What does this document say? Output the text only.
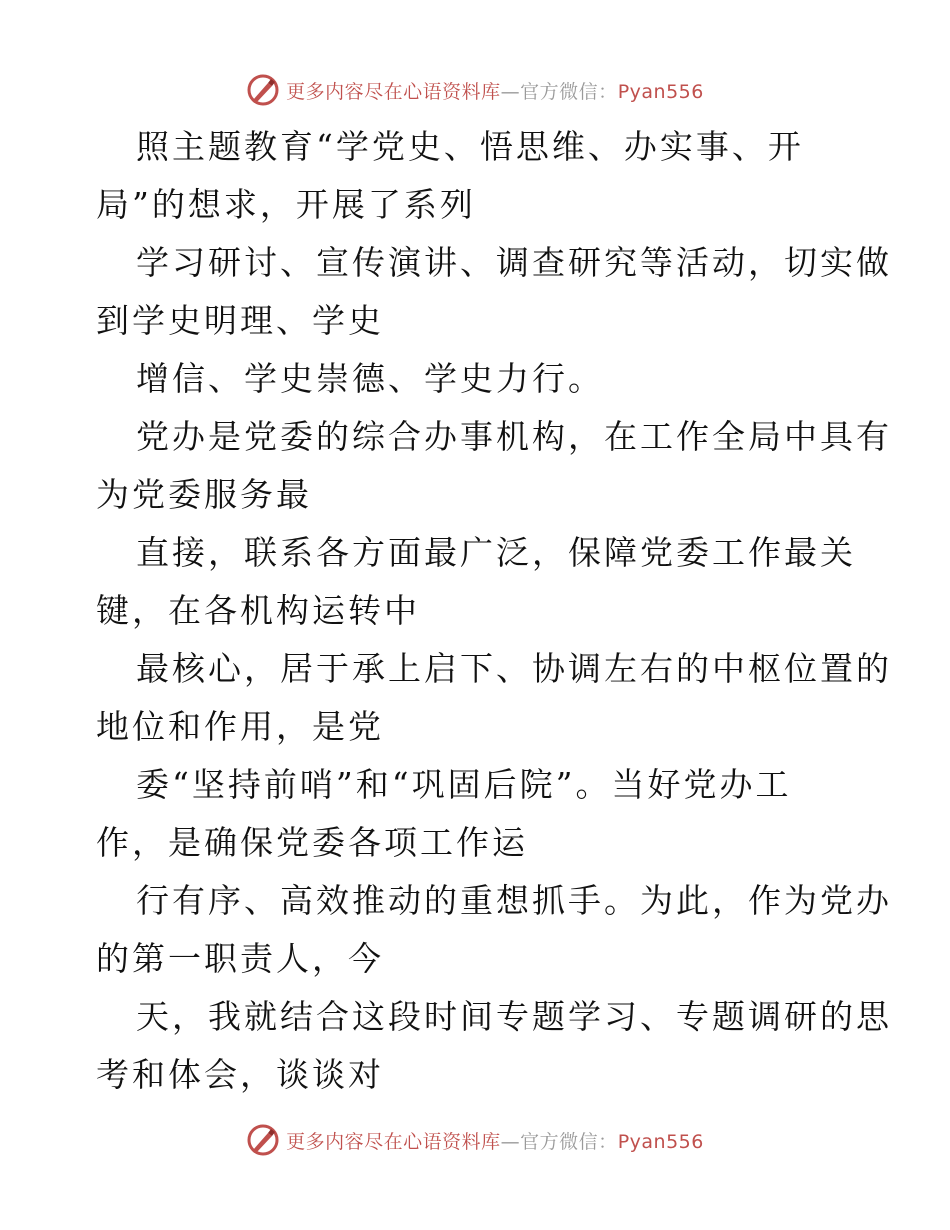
更多内容尽在心语资料库—官方微信：Pyan556
照主题教育“学党史、悟思维、办实事、开
局”的想求，开展了系列
学习研讨、宣传演讲、调查研究等活动，切实做
到学史明理、学史
增信、学史崇德、学史力行。
党办是党委的综合办事机构，在工作全局中具有
为党委服务最
直接，联系各方面最广泛，保障党委工作最关
键，在各机构运转中
最核心，居于承上启下、协调左右的中枢位置的
地位和作用，是党
委“坚持前哨”和“巩固后院”。当好党办工
作，是确保党委各项工作运
行有序、高效推动的重想抓手。为此，作为党办
的第一职责人，今
天，我就结合这段时间专题学习、专题调研的思
考和体会，谈谈对
更多内容尽在心语资料库—官方微信：Pyan556
